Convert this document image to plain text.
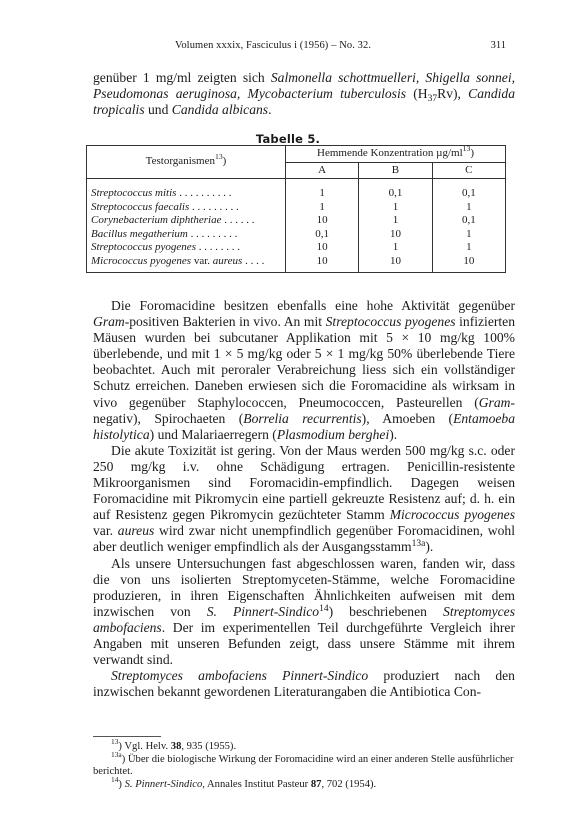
Volumen xxxix, Fasciculus i (1956) – No. 32.	311

genüber 1 mg/ml zeigten sich Salmonella schottmuelleri, Shigella sonnei, Pseudomonas aeruginosa, Mycobacterium tuberculosis $(H_{37}Rv)$, Candida tropicalis und Candida albicans.

Tabelle 5.
Testorganismen$^{13}$)	Hemmende Konzentration $\mu g/ml^{13}$)		
	A	B	C

Streptococcus mitis . . . . . . . . . .	1	0,1	0,1
Streptococcus faecalis . . . . . . . . .	1	1	1
Corynebacterium diphtheriae . . . . . .	10	1	0,1
Bacillus megatherium . . . . . . . . .	0,1	10	1
Streptococcus pyogenes . . . . . . . .	10	1	1
Micrococcus pyogenes var. aureus . . . .	10	10	10

Die Foromacidine besitzen ebenfalls eine hohe Aktivität gegenüber Gram-positiven Bakterien in vivo. An mit Streptococcus pyogenes infizierten Mäusen wurden bei subcutaner Applikation mit 5 × 10 mg/kg 100% überlebende, und mit 1 × 5 mg/kg oder 5 × 1 mg/kg 50% überlebende Tiere beobachtet. Auch mit peroraler Verabreichung liess sich ein vollständiger Schutz erreichen. Daneben erwiesen sich die Foromacidine als wirksam in vivo gegenüber Staphylococcen, Pneumococcen, Pasteurellen (Gram-negativ), Spirochaeten (Borrelia recurrentis), Amoeben (Entamoeba histolytica) und Malariaerregern (Plasmodium berghei).

Die akute Toxizität ist gering. Von der Maus werden 500 mg/kg s.c. oder 250 mg/kg i.v. ohne Schädigung ertragen. Penicillin-resistente Mikroorganismen sind Foromacidin-empfindlich. Dagegen weisen Foromacidine mit Pikromycin eine partiell gekreuzte Resistenz auf; d. h. ein auf Resistenz gegen Pikromycin gezüchteter Stamm Micrococcus pyogenes var. aureus wird zwar nicht unempfindlich gegenüber Foromacidinen, wohl aber deutlich weniger empfindlich als der Ausgangsstamm$^{13a}$).

Als unsere Untersuchungen fast abgeschlossen waren, fanden wir, dass die von uns isolierten Streptomyceten-Stämme, welche Foromacidine produzieren, in ihren Eigenschaften Ähnlichkeiten aufweisen mit dem inzwischen von S. Pinnert-Sindico$^{14}$) beschriebenen Streptomyces ambofaciens. Der im experimentellen Teil durchgeführte Vergleich ihrer Angaben mit unseren Befunden zeigt, dass unsere Stämme mit ihrem verwandt sind.

Streptomyces ambofaciens Pinnert-Sindico produziert nach den inzwischen bekannt gewordenen Literaturangaben die Antibiotica Con-

$^{13}$) Vgl. Helv. 38, 935 (1955).

$^{13a}$) Über die biologische Wirkung der Foromacidine wird an einer anderen Stelle ausführlicher berichtet.

$^{14}$) S. Pinnert-Sindico, Annales Institut Pasteur 87, 702 (1954).
